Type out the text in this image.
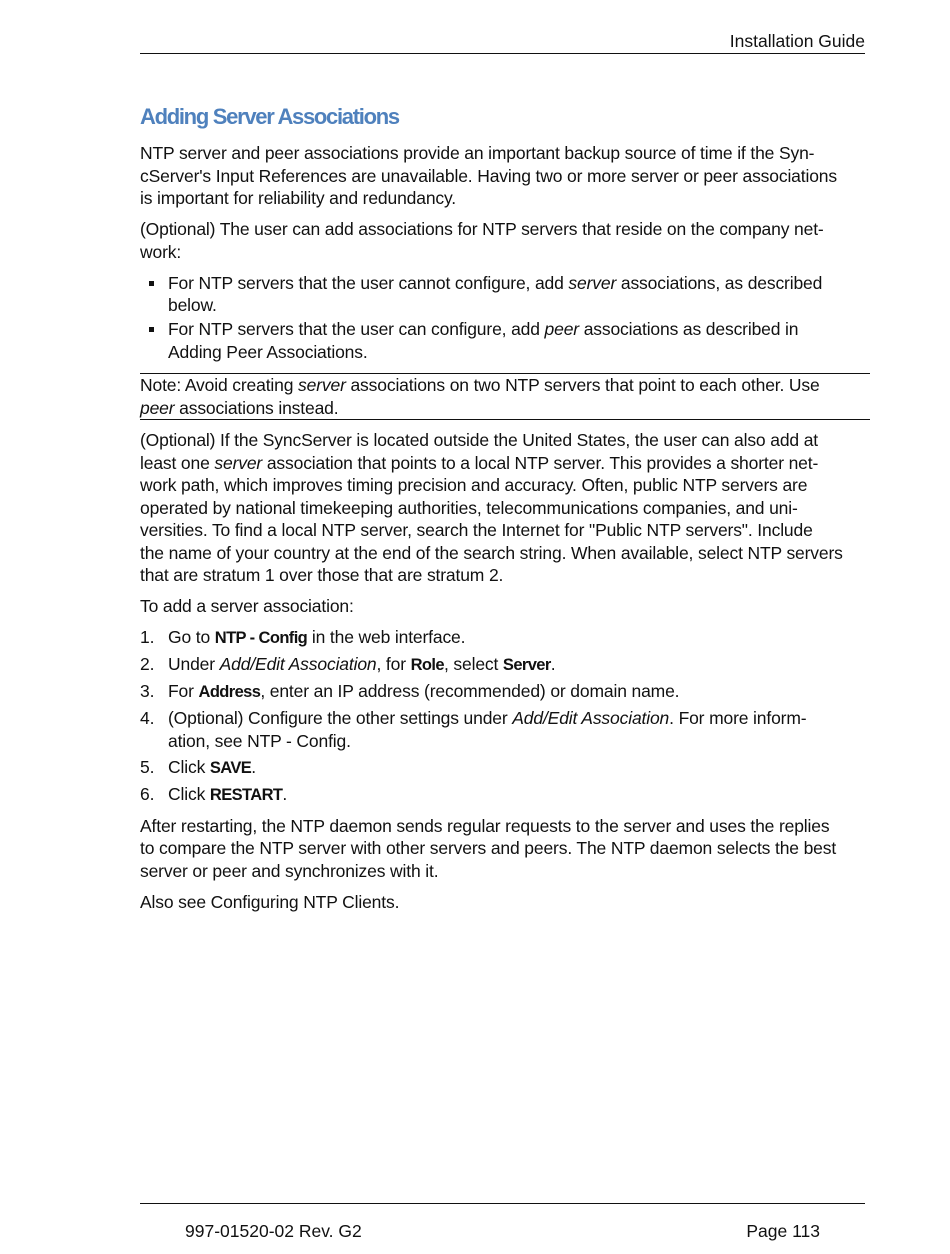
Installation Guide
Adding Server Associations
NTP server and peer associations provide an important backup source of time if the Syn-
cServer's Input References are unavailable. Having two or more server or peer associations
is important for reliability and redundancy.
(Optional) The user can add associations for NTP servers that reside on the company net-
work:
For NTP servers that the user cannot configure, add server associations, as described
below.
For NTP servers that the user can configure, add peer associations as described in
Adding Peer Associations.
Note: Avoid creating server associations on two NTP servers that point to each other. Use
peer associations instead.
(Optional) If the SyncServer is located outside the United States, the user can also add at
least one server association that points to a local NTP server. This provides a shorter net-
work path, which improves timing precision and accuracy. Often, public NTP servers are
operated by national timekeeping authorities, telecommunications companies, and uni-
versities. To find a local NTP server, search the Internet for "Public NTP servers". Include
the name of your country at the end of the search string. When available, select NTP servers
that are stratum 1 over those that are stratum 2.
To add a server association:
1. Go to NTP - Config in the web interface.
2. Under Add/Edit Association, for Role, select Server.
3. For Address, enter an IP address (recommended) or domain name.
4. (Optional) Configure the other settings under Add/Edit Association. For more inform-
ation, see NTP - Config.
5. Click SAVE.
6. Click RESTART.
After restarting, the NTP daemon sends regular requests to the server and uses the replies
to compare the NTP server with other servers and peers. The NTP daemon selects the best
server or peer and synchronizes with it.
Also see Configuring NTP Clients.
997-01520-02 Rev. G2	Page 113
